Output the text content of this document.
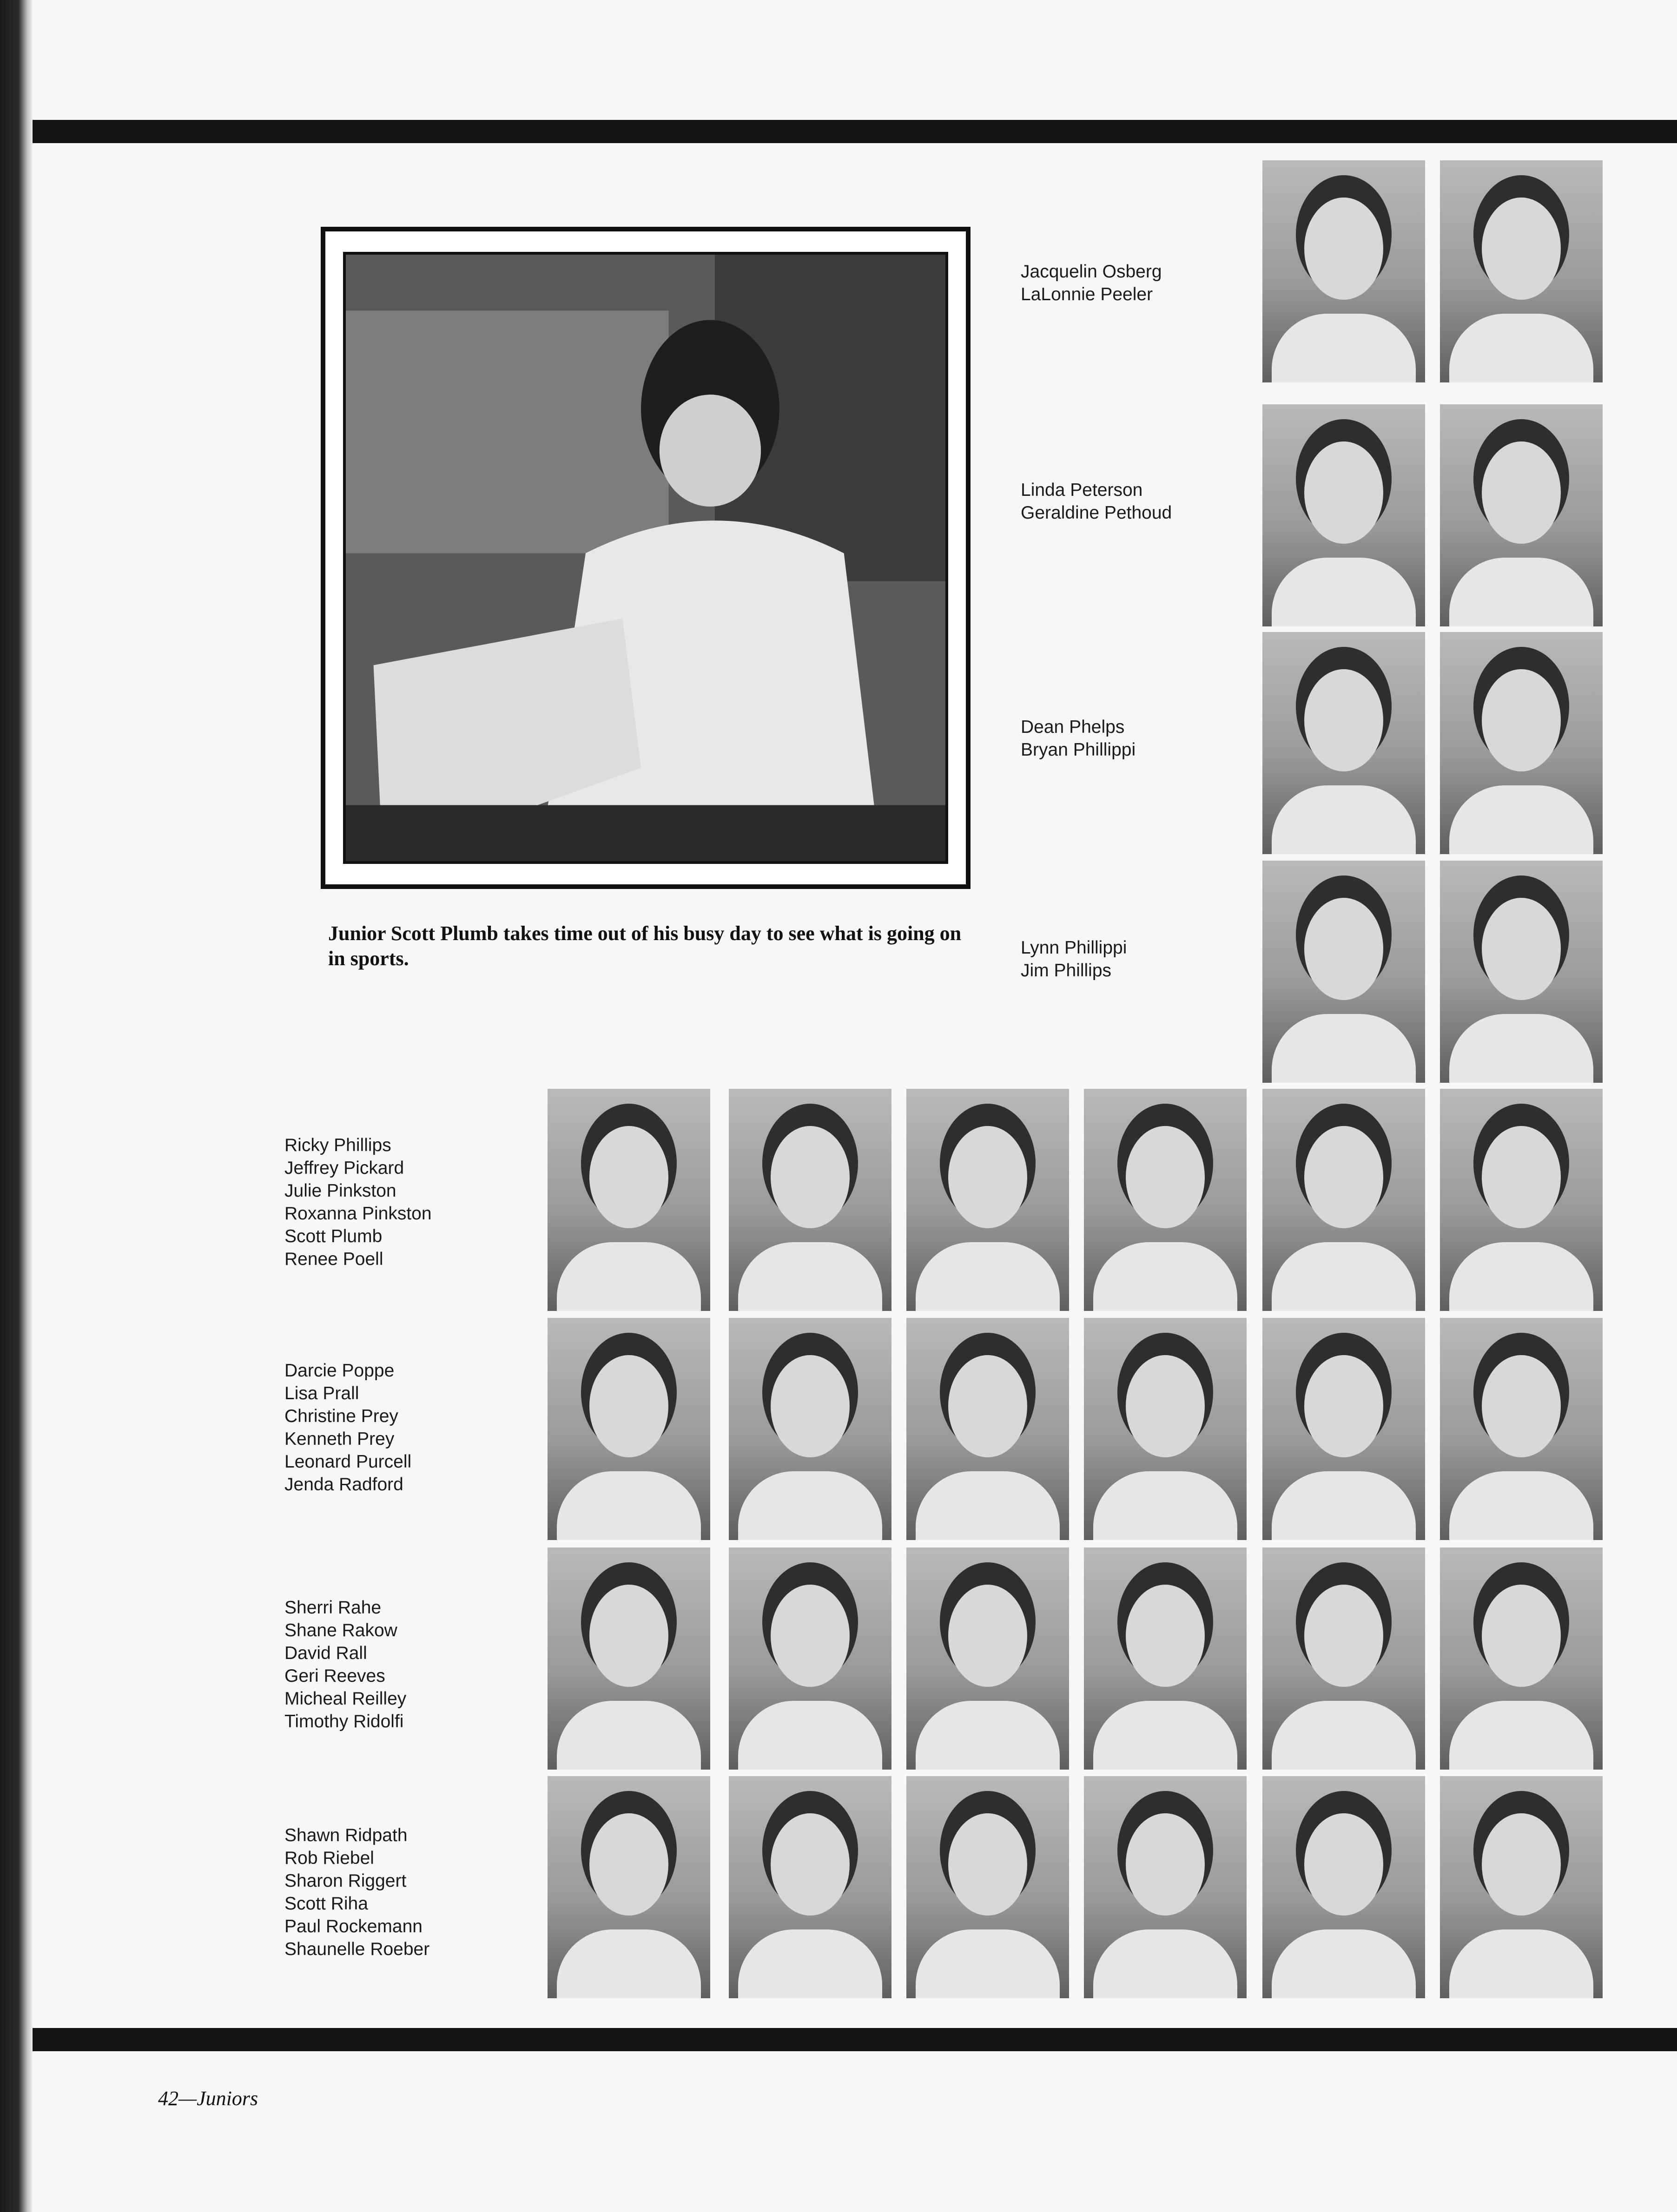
Junior Scott Plumb takes time out of his busy day to see what is going on in sports.
Jacquelin Osberg
LaLonnie Peeler
Linda Peterson
Geraldine Pethoud
Dean Phelps
Bryan Phillippi
Lynn Phillippi
Jim Phillips
Ricky Phillips
Jeffrey Pickard
Julie Pinkston
Roxanna Pinkston
Scott Plumb
Renee Poell
Darcie Poppe
Lisa Prall
Christine Prey
Kenneth Prey
Leonard Purcell
Jenda Radford
Sherri Rahe
Shane Rakow
David Rall
Geri Reeves
Micheal Reilley
Timothy Ridolfi
Shawn Ridpath
Rob Riebel
Sharon Riggert
Scott Riha
Paul Rockemann
Shaunelle Roeber
42—Juniors
